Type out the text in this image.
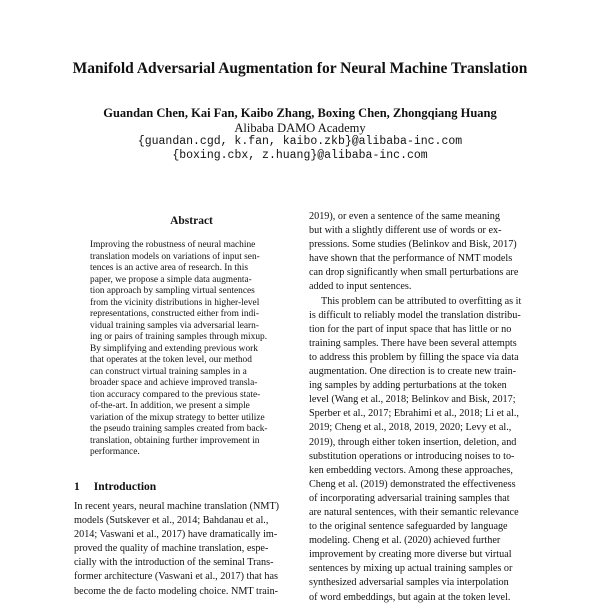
Manifold Adversarial Augmentation for Neural Machine Translation
Guandan Chen, Kai Fan, Kaibo Zhang, Boxing Chen, Zhongqiang Huang
Alibaba DAMO Academy
{guandan.cgd, k.fan, kaibo.zkb}@alibaba-inc.com
{boxing.cbx, z.huang}@alibaba-inc.com
Abstract
Improving the robustness of neural machine
translation models on variations of input sen-
tences is an active area of research. In this
paper, we propose a simple data augmenta-
tion approach by sampling virtual sentences
from the vicinity distributions in higher-level
representations, constructed either from indi-
vidual training samples via adversarial learn-
ing or pairs of training samples through mixup.
By simplifying and extending previous work
that operates at the token level, our method
can construct virtual training samples in a
broader space and achieve improved transla-
tion accuracy compared to the previous state-
of-the-art. In addition, we present a simple
variation of the mixup strategy to better utilize
the pseudo training samples created from back-
translation, obtaining further improvement in
performance.
1 Introduction
In recent years, neural machine translation (NMT)
models (Sutskever et al., 2014; Bahdanau et al.,
2014; Vaswani et al., 2017) have dramatically im-
proved the quality of machine translation, espe-
cially with the introduction of the seminal Trans-
former architecture (Vaswani et al., 2017) that has
become the de facto modeling choice. NMT train-
2019), or even a sentence of the same meaning
but with a slightly different use of words or ex-
pressions. Some studies (Belinkov and Bisk, 2017)
have shown that the performance of NMT models
can drop significantly when small perturbations are
added to input sentences.
This problem can be attributed to overfitting as it
is difficult to reliably model the translation distribu-
tion for the part of input space that has little or no
training samples. There have been several attempts
to address this problem by filling the space via data
augmentation. One direction is to create new train-
ing samples by adding perturbations at the token
level (Wang et al., 2018; Belinkov and Bisk, 2017;
Sperber et al., 2017; Ebrahimi et al., 2018; Li et al.,
2019; Cheng et al., 2018, 2019, 2020; Levy et al.,
2019), through either token insertion, deletion, and
substitution operations or introducing noises to to-
ken embedding vectors. Among these approaches,
Cheng et al. (2019) demonstrated the effectiveness
of incorporating adversarial training samples that
are natural sentences, with their semantic relevance
to the original sentence safeguarded by language
modeling. Cheng et al. (2020) achieved further
improvement by creating more diverse but virtual
sentences by mixing up actual training samples or
synthesized adversarial samples via interpolation
of word embeddings, but again at the token level.
